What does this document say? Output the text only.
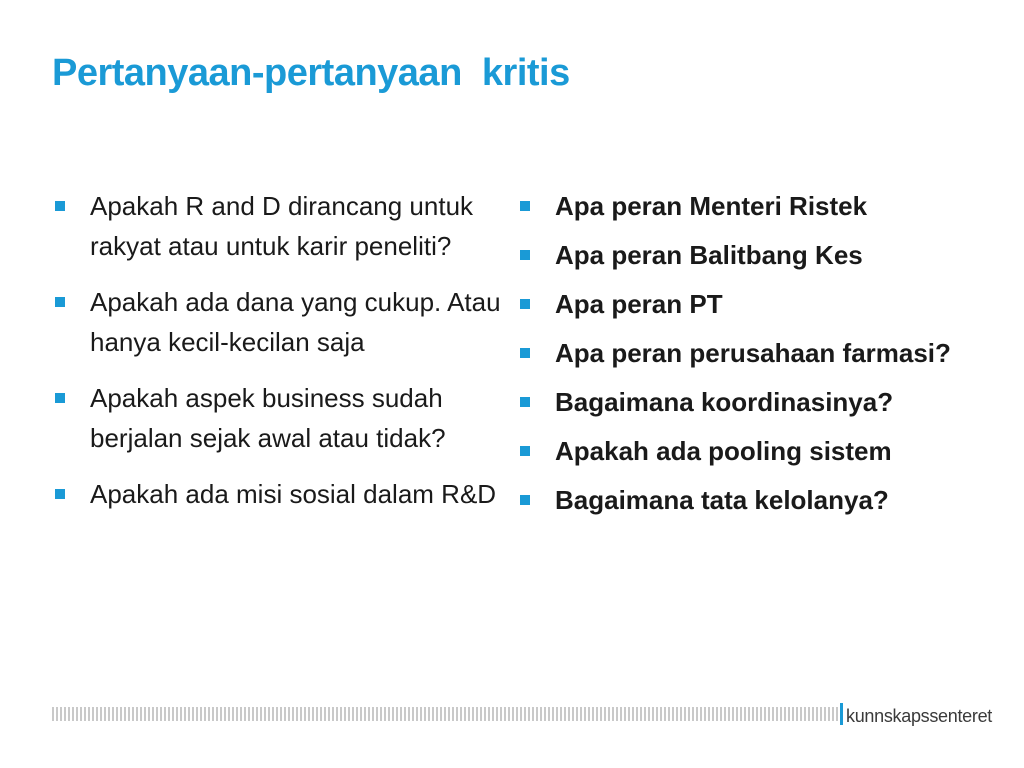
Pertanyaan-pertanyaan  kritis
Apakah R and D dirancang untuk rakyat atau untuk karir peneliti?
Apakah ada dana yang cukup. Atau hanya kecil-kecilan saja
Apakah aspek business sudah berjalan sejak awal atau tidak?
Apakah ada misi sosial dalam R&D
Apa peran Menteri Ristek
Apa peran Balitbang Kes
Apa peran PT
Apa peran perusahaan farmasi?
Bagaimana koordinasinya?
Apakah ada pooling sistem
Bagaimana tata kelolanya?
kunnskapssenteret
